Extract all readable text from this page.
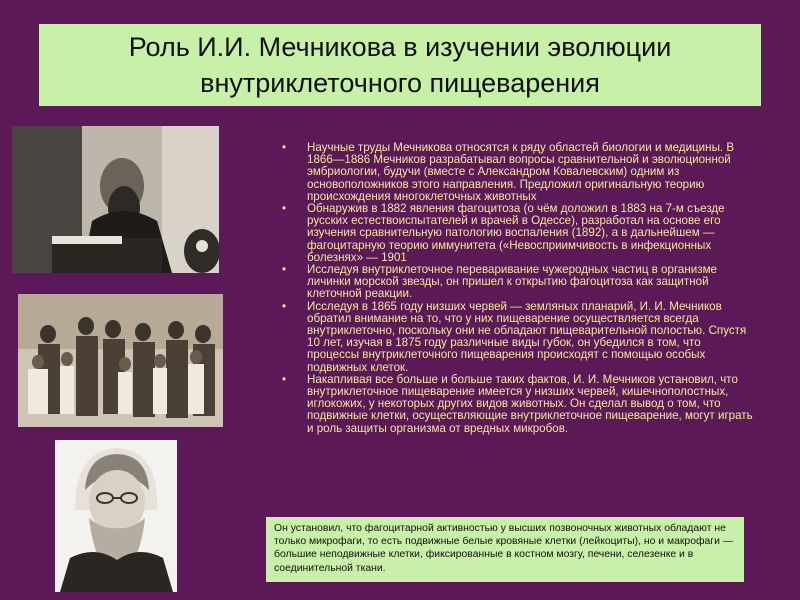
Роль И.И. Мечникова в изучении эволюции
внутриклеточного пищеварения
• Научные труды Мечникова относятся к ряду областей биологии и медицины. В 1866—1886 Мечников разрабатывал вопросы сравнительной и эволюционной эмбриологии, будучи (вместе с Александром Ковалевским) одним из основоположников этого направления. Предложил оригинальную теорию происхождения многоклеточных животных
• Обнаружив в 1882 явления фагоцитоза (о чём доложил в 1883 на 7-м съезде русских естествоиспытателей и врачей в Одессе), разработал на основе его изучения сравнительную патологию воспаления (1892), а в дальнейшем — фагоцитарную теорию иммунитета («Невосприимчивость в инфекционных болезнях» — 1901
• Исследуя внутриклеточное переваривание чужеродных частиц в организме личинки морской звезды, он пришел к открытию фагоцитоза как защитной клеточной реакции.
• Исследуя в 1865 году низших червей — земляных планарий, И. И. Мечников обратил внимание на то, что у них пищеварение осуществляется всегда внутриклеточно, поскольку они не обладают пищеварительной полостью. Спустя 10 лет, изучая в 1875 году различные виды губок, он убедился в том, что процессы внутриклеточного пищеварения происходят с помощью особых подвижных клеток.
• Накапливая все больше и больше таких фактов, И. И. Мечников установил, что внутриклеточное пищеварение имеется у низших червей, кишечнополостных, иглокожих, у некоторых других видов животных. Он сделал вывод о том, что подвижные клетки, осуществляющие внутриклеточное пищеварение, могут играть и роль защиты организма от вредных микробов.
Он установил, что фагоцитарной активностью у высших позвоночных животных обладают не только микрофаги, то есть подвижные белые кровяные клетки (лейкоциты), но и макрофаги — большие неподвижные клетки, фиксированные в костном мозгу, печени, селезенке и в соединительной ткани.
